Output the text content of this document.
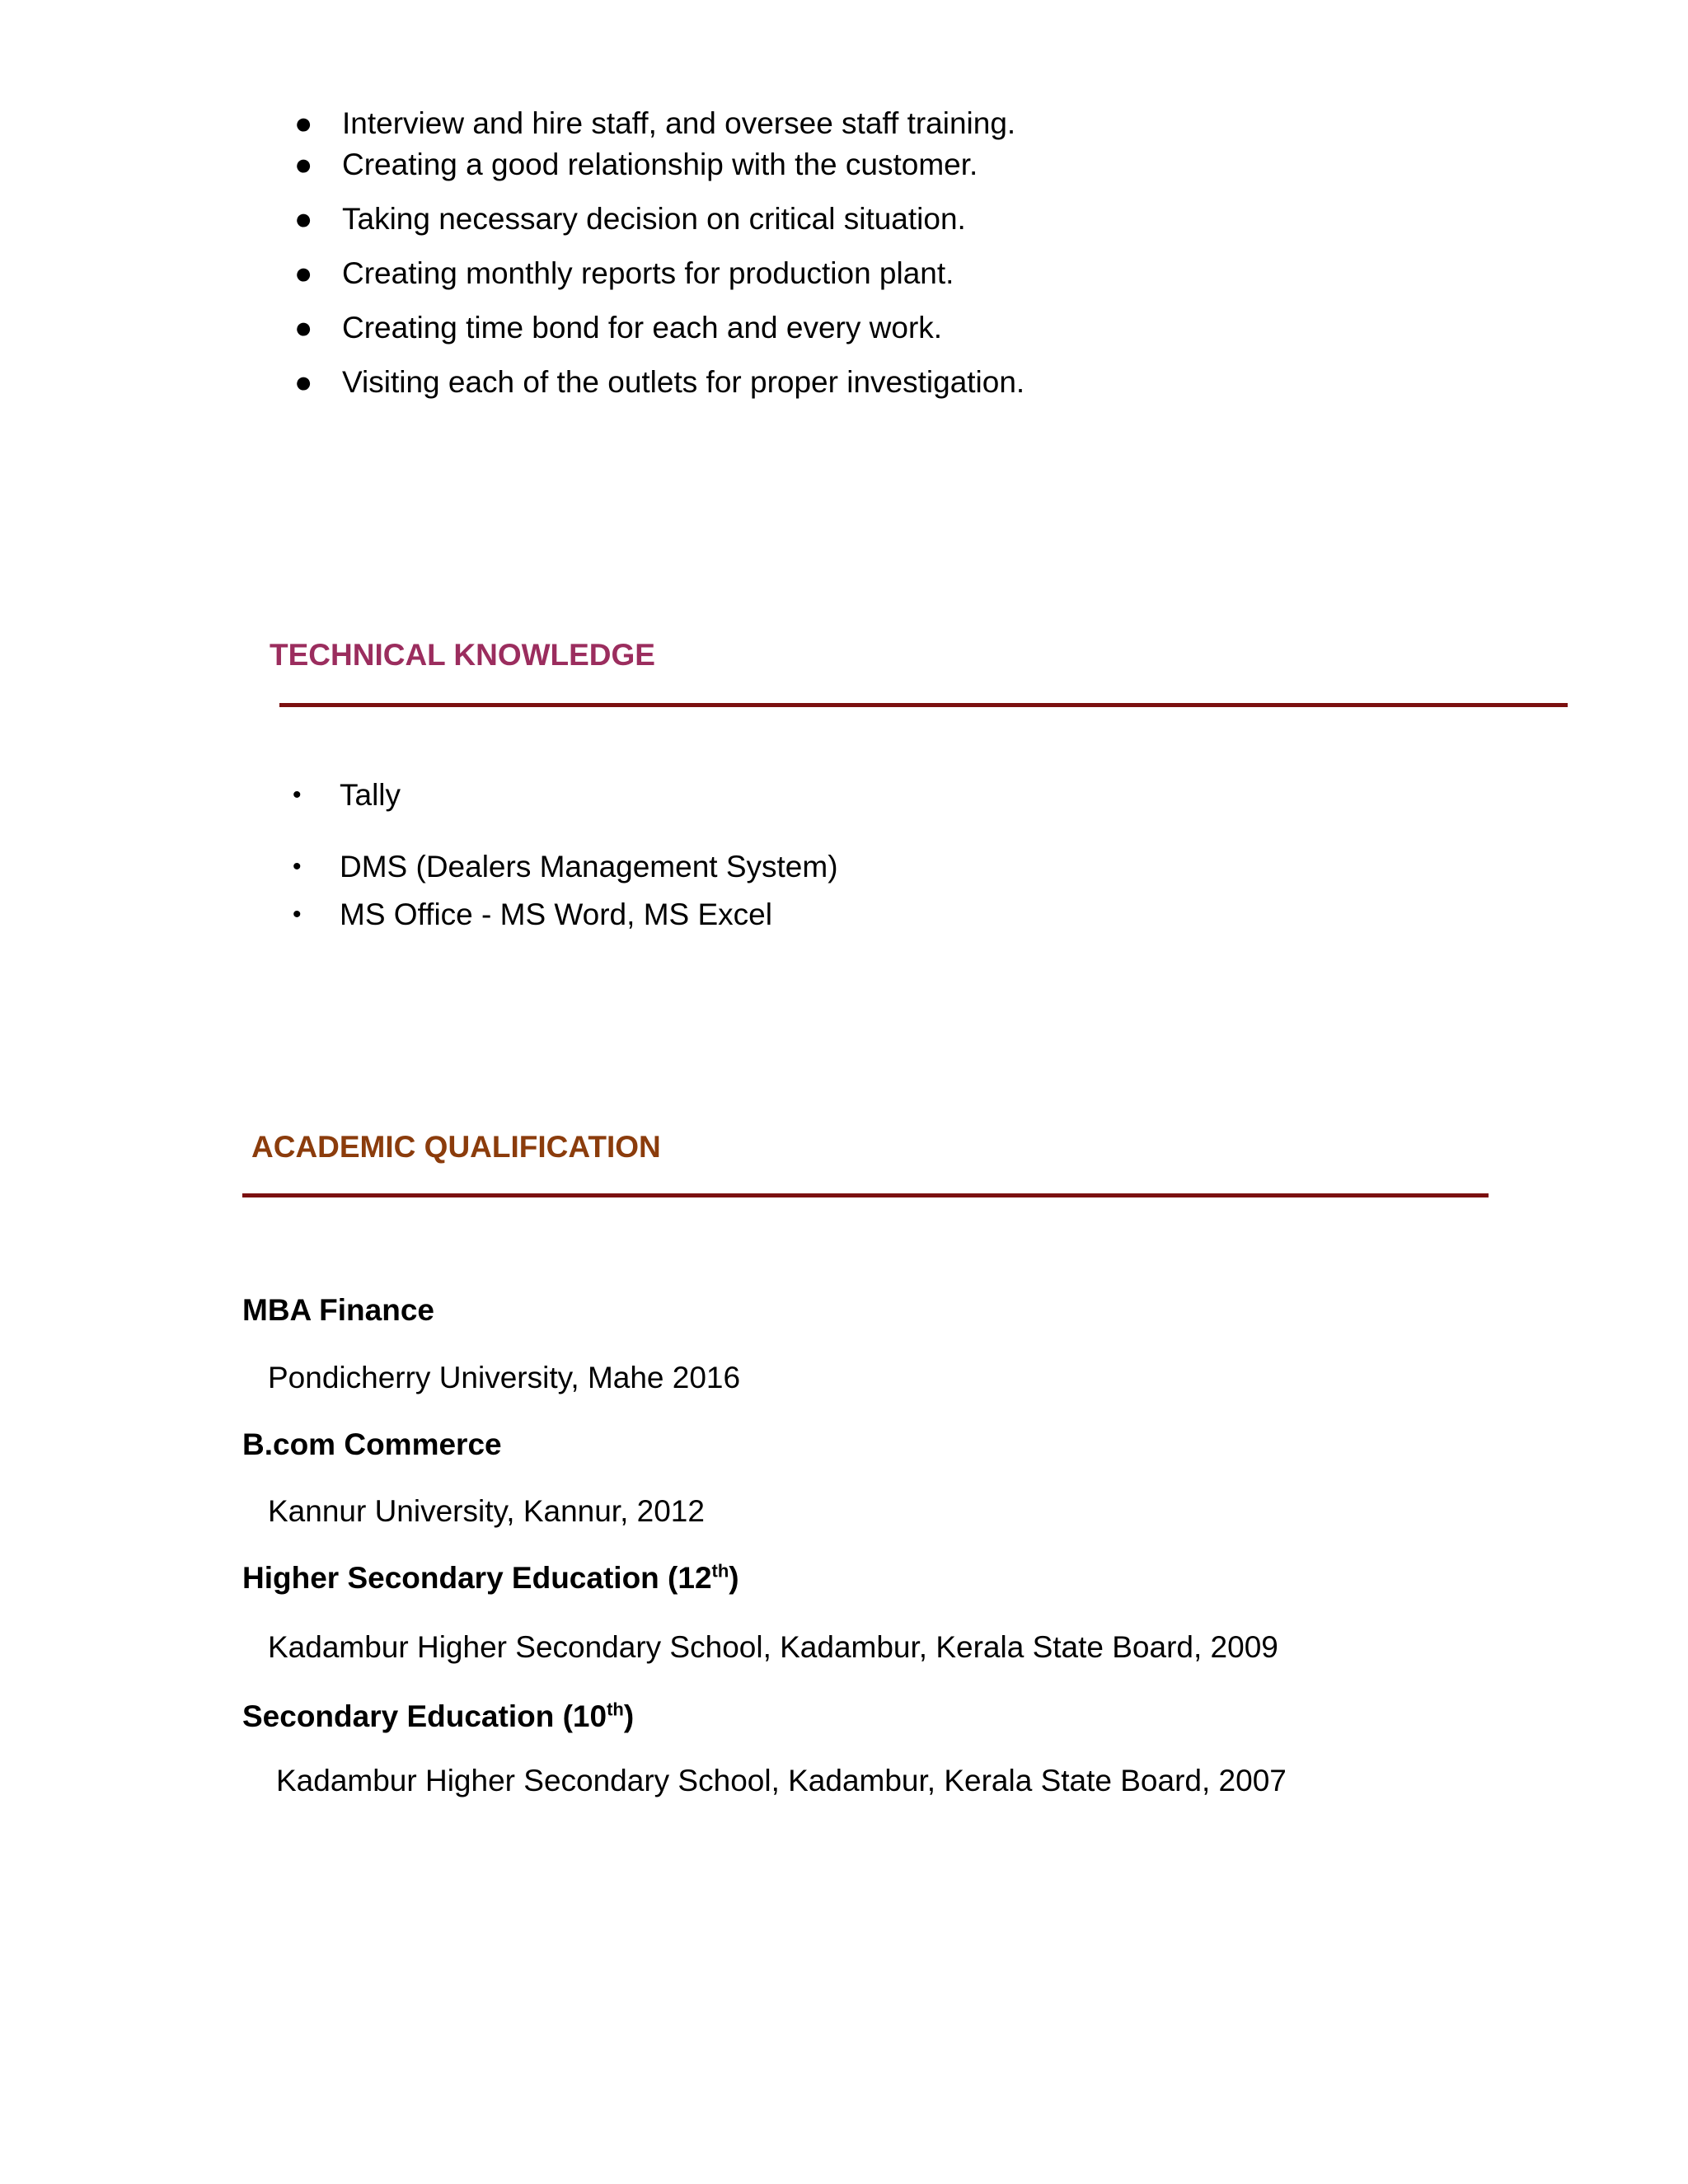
● Interview and hire staff, and oversee staff training.
● Creating a good relationship with the customer.
● Taking necessary decision on critical situation.
● Creating monthly reports for production plant.
● Creating time bond for each and every work.
● Visiting each of the outlets for proper investigation.
TECHNICAL KNOWLEDGE
• Tally
• DMS (Dealers Management System)
• MS Office - MS Word, MS Excel
ACADEMIC QUALIFICATION
MBA Finance
Pondicherry University, Mahe 2016
B.com Commerce
Kannur University, Kannur, 2012
Higher Secondary Education (12th)
Kadambur Higher Secondary School, Kadambur, Kerala State Board, 2009
Secondary Education (10th)
Kadambur Higher Secondary School, Kadambur, Kerala State Board, 2007
